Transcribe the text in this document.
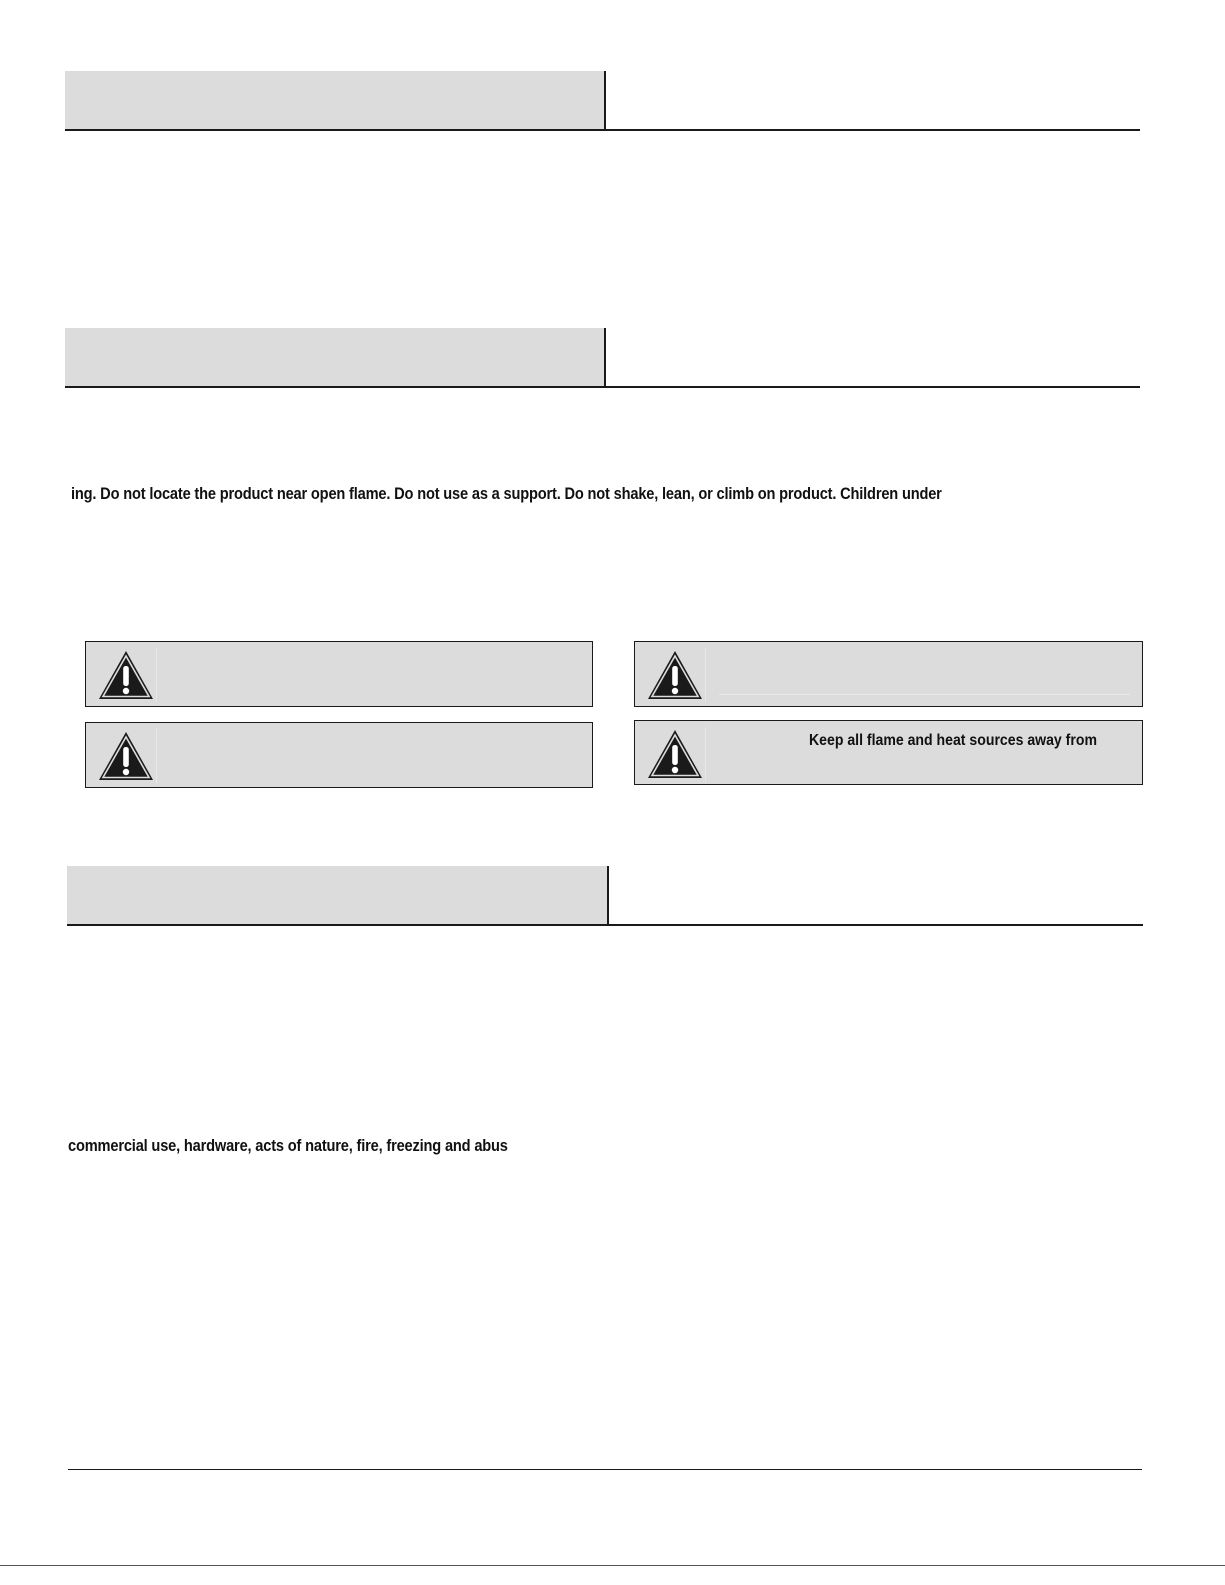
ing. Do not locate the product near open flame. Do not use as a support. Do not shake, lean, or climb on product. Children under
Keep all flame and heat sources away from
commercial use, hardware, acts of nature, fire, freezing and abus
